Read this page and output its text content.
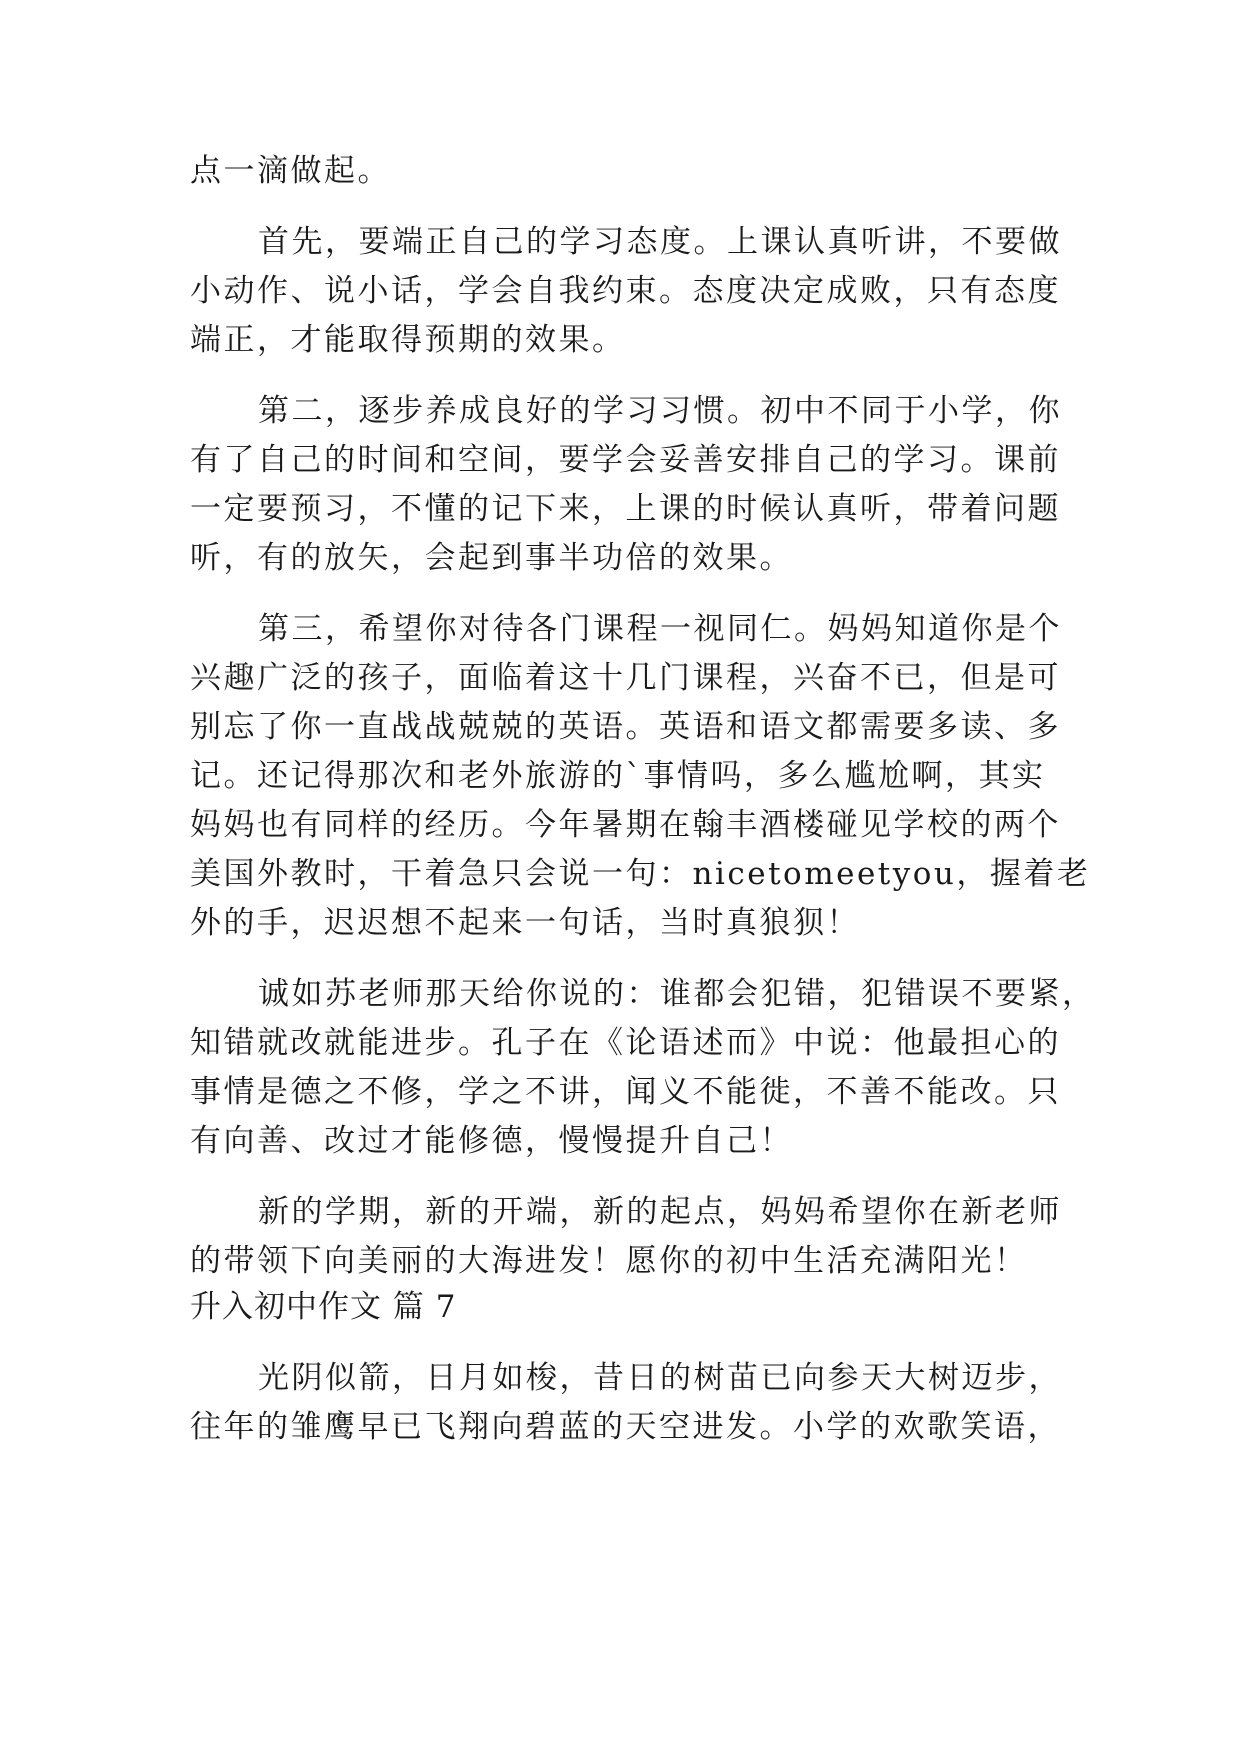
点一滴做起。
首先，要端正自己的学习态度。上课认真听讲，不要做
小动作、说小话，学会自我约束。态度决定成败，只有态度
端正，才能取得预期的效果。
第二，逐步养成良好的学习习惯。初中不同于小学，你
有了自己的时间和空间，要学会妥善安排自己的学习。课前
一定要预习，不懂的记下来，上课的时候认真听，带着问题
听，有的放矢，会起到事半功倍的效果。
第三，希望你对待各门课程一视同仁。妈妈知道你是个
兴趣广泛的孩子，面临着这十几门课程，兴奋不已，但是可
别忘了你一直战战兢兢的英语。英语和语文都需要多读、多
记。还记得那次和老外旅游的`事情吗，多么尴尬啊，其实
妈妈也有同样的经历。今年暑期在翰丰酒楼碰见学校的两个
美国外教时，干着急只会说一句：nicetomeetyou，握着老
外的手，迟迟想不起来一句话，当时真狼狈！
诚如苏老师那天给你说的：谁都会犯错，犯错误不要紧，
知错就改就能进步。孔子在《论语述而》中说：他最担心的
事情是德之不修，学之不讲，闻义不能徙，不善不能改。只
有向善、改过才能修德，慢慢提升自己！
新的学期，新的开端，新的起点，妈妈希望你在新老师
的带领下向美丽的大海进发！愿你的初中生活充满阳光！
升入初中作文 篇 7
光阴似箭，日月如梭，昔日的树苗已向参天大树迈步，
往年的雏鹰早已飞翔向碧蓝的天空进发。小学的欢歌笑语，
